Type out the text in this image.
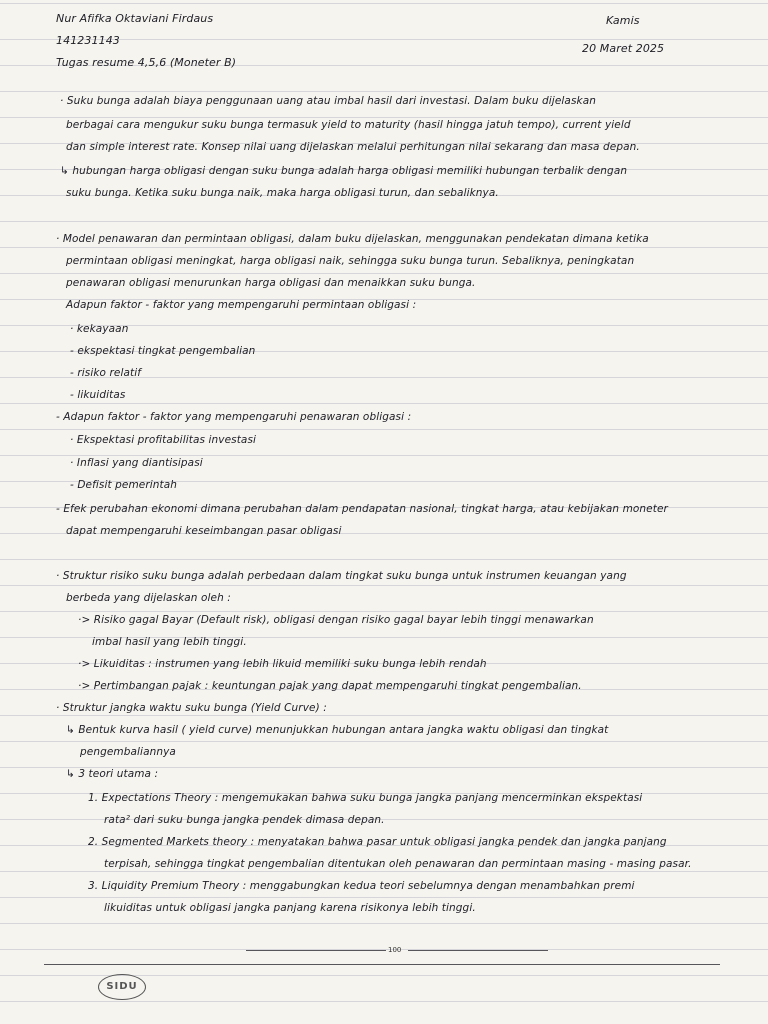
Nur Afifka Oktaviani Firdaus
141231143
Tugas resume 4,5,6 (Moneter B)
Kamis
20 Maret 2025
· Suku bunga adalah biaya penggunaan uang atau imbal hasil dari investasi. Dalam buku dijelaskan
berbagai cara mengukur suku bunga termasuk yield to maturity (hasil hingga jatuh tempo), current yield
dan simple interest rate. Konsep nilai uang dijelaskan melalui perhitungan nilai sekarang dan masa depan.
↳ hubungan harga obligasi dengan suku bunga adalah harga obligasi memiliki hubungan terbalik dengan
suku bunga. Ketika suku bunga naik, maka harga obligasi turun, dan sebaliknya.
· Model penawaran dan permintaan obligasi, dalam buku dijelaskan, menggunakan pendekatan dimana ketika
permintaan obligasi meningkat, harga obligasi naik, sehingga suku bunga turun. Sebaliknya, peningkatan
penawaran obligasi menurunkan harga obligasi dan menaikkan suku bunga.
Adapun faktor - faktor yang mempengaruhi permintaan obligasi :
· kekayaan
- ekspektasi tingkat pengembalian
- risiko relatif
- likuiditas
- Adapun faktor - faktor yang mempengaruhi penawaran obligasi :
· Ekspektasi profitabilitas investasi
· Inflasi yang diantisipasi
- Defisit pemerintah
- Efek perubahan ekonomi dimana perubahan dalam pendapatan nasional, tingkat harga, atau kebijakan moneter
dapat mempengaruhi keseimbangan pasar obligasi
· Struktur risiko suku bunga adalah perbedaan dalam tingkat suku bunga untuk instrumen keuangan yang
berbeda yang dijelaskan oleh :
·> Risiko gagal Bayar (Default risk), obligasi dengan risiko gagal bayar lebih tinggi menawarkan
imbal hasil yang lebih tinggi.
·> Likuiditas : instrumen yang lebih likuid memiliki suku bunga lebih rendah
·> Pertimbangan pajak : keuntungan pajak yang dapat mempengaruhi tingkat pengembalian.
· Struktur jangka waktu suku bunga (Yield Curve) :
↳ Bentuk kurva hasil ( yield curve) menunjukkan hubungan antara jangka waktu obligasi dan tingkat
pengembaliannya
↳ 3 teori utama :
1. Expectations Theory : mengemukakan bahwa suku bunga jangka panjang mencerminkan ekspektasi
rata² dari suku bunga jangka pendek dimasa depan.
2. Segmented Markets theory : menyatakan bahwa pasar untuk obligasi jangka pendek dan jangka panjang
terpisah, sehingga tingkat pengembalian ditentukan oleh penawaran dan permintaan masing - masing pasar.
3. Liquidity Premium Theory : menggabungkan kedua teori sebelumnya dengan menambahkan premi
likuiditas untuk obligasi jangka panjang karena risikonya lebih tinggi.
100
SIDU
